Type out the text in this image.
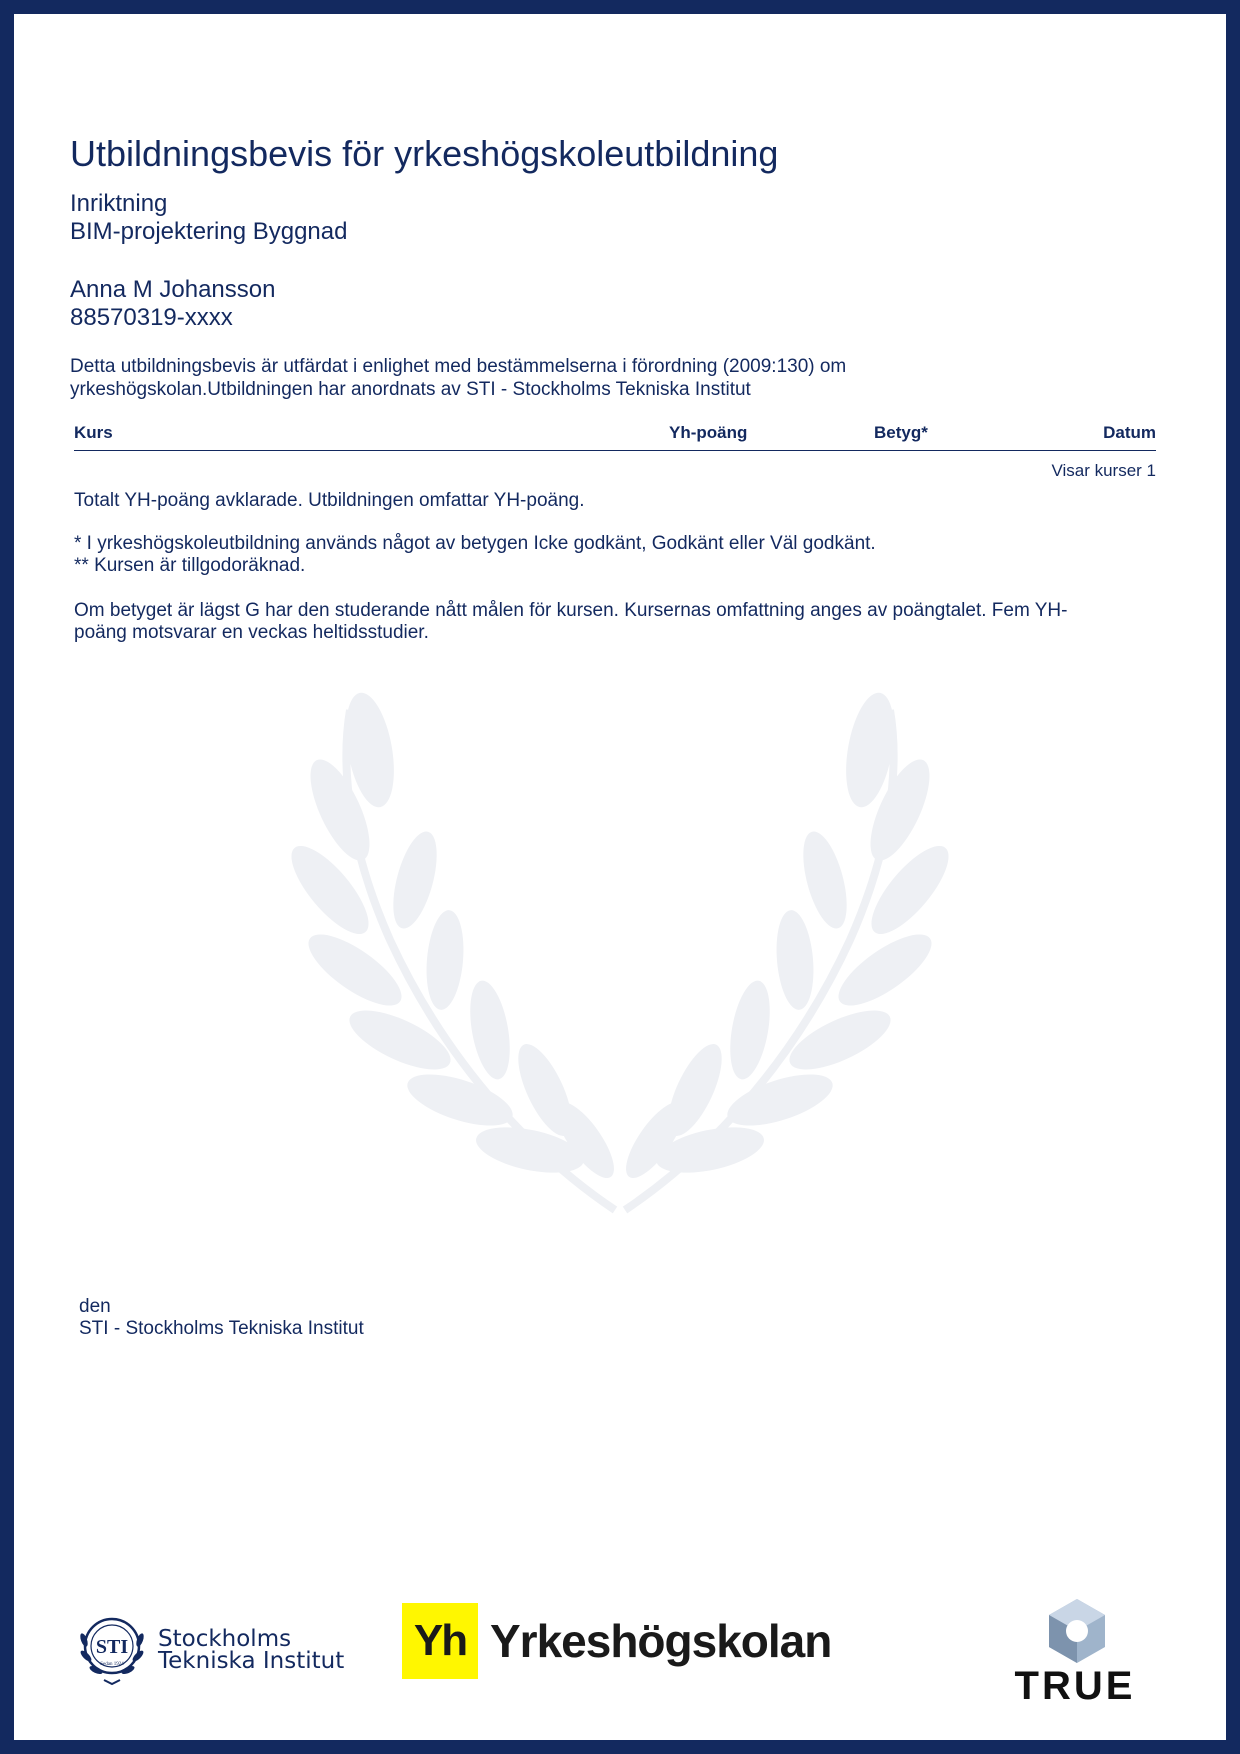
Utbildningsbevis för yrkeshögskoleutbildning
Inriktning
BIM-projektering Byggnad
Anna M Johansson
88570319-xxxx
Detta utbildningsbevis är utfärdat i enlighet med bestämmelserna i förordning (2009:130) om
yrkeshögskolan.Utbildningen har anordnats av STI - Stockholms Tekniska Institut
Kurs	Yh-poäng	Betyg*	Datum
Visar kurser 1

Totalt YH-poäng avklarade. Utbildningen omfattar YH-poäng.

* I yrkeshögskoleutbildning används något av betygen Icke godkänt, Godkänt eller Väl godkänt.
** Kursen är tillgodoräknad.
Om betyget är lägst G har den studerande nått målen för kursen. Kursernas omfattning anges av poängtalet. Fem YH-
poäng motsvarar en veckas heltidsstudier.
den
STI - Stockholms Tekniska Institut
STI
Sedan 1924
Stockholms
Tekniska Institut Yh Yrkeshögskolan
TRUE
